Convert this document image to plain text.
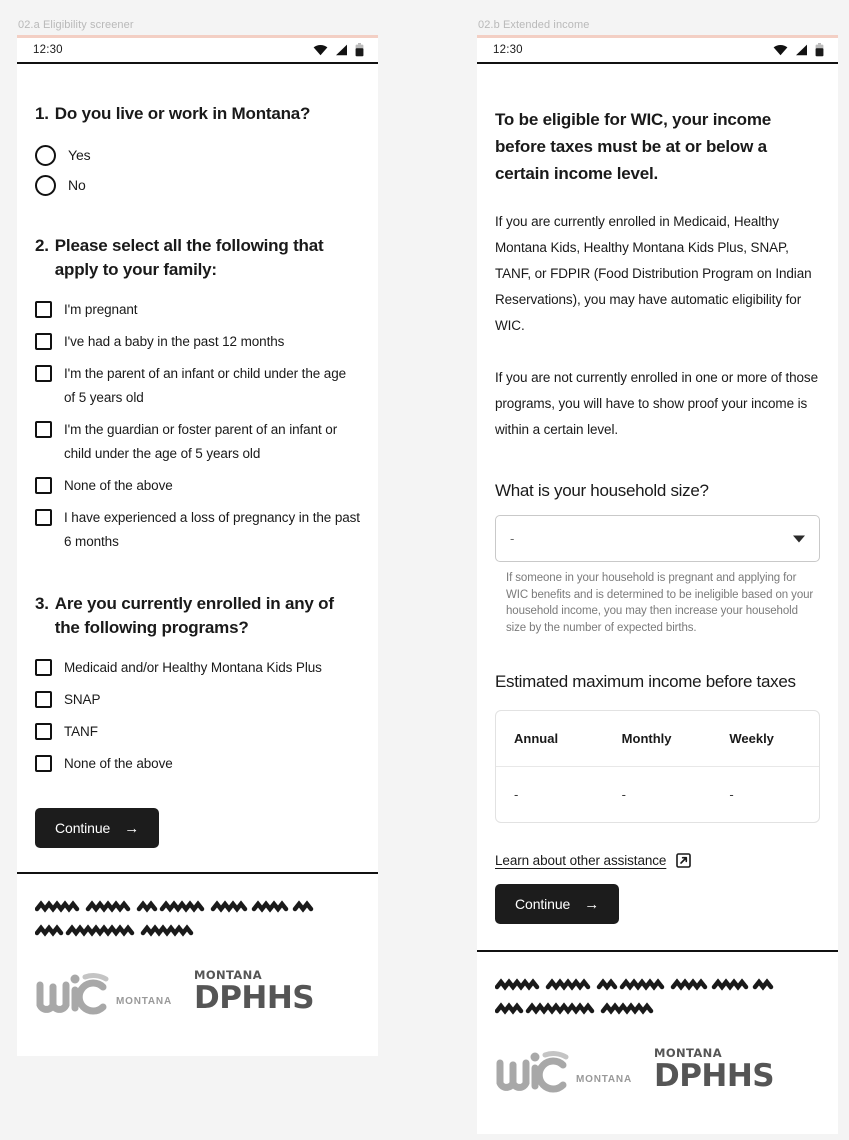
02.a Eligibility screener
12:30
1. Do you live or work in Montana?
Yes
No
2. Please select all the following that apply to your family:
I'm pregnant
I've had a baby in the past 12 months
I'm the parent of an infant or child under the age of 5 years old
I'm the guardian or foster parent of an infant or child under the age of 5 years old
None of the above
I have experienced a loss of pregnancy in the past 6 months
3. Are you currently enrolled in any of the following programs?
Medicaid and/or Healthy Montana Kids Plus
SNAP
TANF
None of the above
Continue →
MONTANA
MONTANA
DPHHS
02.b Extended income
12:30
To be eligible for WIC, your income before taxes must be at or below a certain income level.
If you are currently enrolled in Medicaid, Healthy Montana Kids, Healthy Montana Kids Plus, SNAP, TANF, or FDPIR (Food Distribution Program on Indian Reservations), you may have automatic eligibility for WIC.
If you are not currently enrolled in one or more of those programs, you will have to show proof your income is within a certain level.
What is your household size?
-
If someone in your household is pregnant and applying for WIC benefits and is determined to be ineligible based on your household income, you may then increase your household size by the number of expected births.
Estimated maximum income before taxes
Annual	Monthly	Weekly
-	-	-
Learn about other assistance
Continue →
MONTANA
MONTANA
DPHHS
